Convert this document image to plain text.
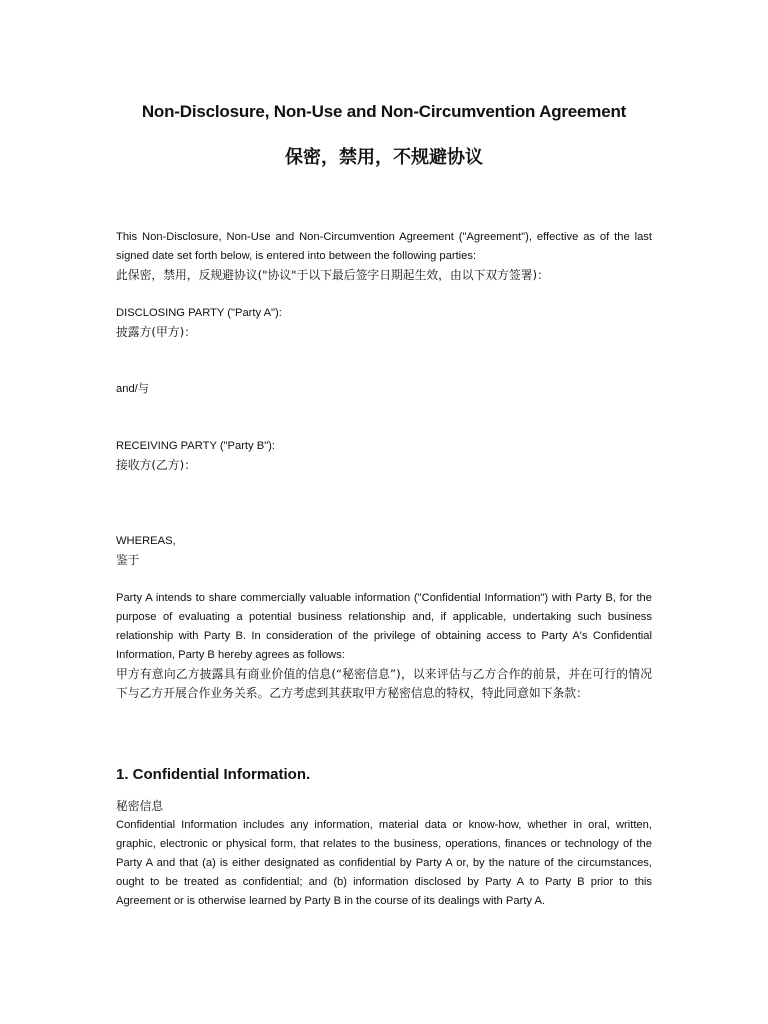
Non-Disclosure, Non-Use and Non-Circumvention Agreement
保密，禁用，不规避协议
This Non-Disclosure, Non-Use and Non-Circumvention Agreement ("Agreement"), effective as of the last signed date set forth below, is entered into between the following parties:
此保密，禁用，反规避协议("协议"于以下最后签字日期起生效，由以下双方签署)：
DISCLOSING PARTY ("Party A"):
披露方(甲方)：
and/与
RECEIVING PARTY ("Party B"):
接收方(乙方)：
WHEREAS,
鉴于
Party A intends to share commercially valuable information ("Confidential Information") with Party B, for the purpose of evaluating a potential business relationship and, if applicable, undertaking such business relationship with Party B. In consideration of the privilege of obtaining access to Party A's Confidential Information, Party B hereby agrees as follows:
甲方有意向乙方披露具有商业价值的信息(“秘密信息”)，以来评估与乙方合作的前景，并在可行的情况下与乙方开展合作业务关系。乙方考虑到其获取甲方秘密信息的特权，特此同意如下条款：
1. Confidential Information.
秘密信息
Confidential Information includes any information, material data or know-how, whether in oral, written, graphic, electronic or physical form, that relates to the business, operations, finances or technology of the Party A and that (a) is either designated as confidential by Party A or, by the nature of the circumstances, ought to be treated as confidential; and (b) information disclosed by Party A to Party B prior to this Agreement or is otherwise learned by Party B in the course of its dealings with Party A.
